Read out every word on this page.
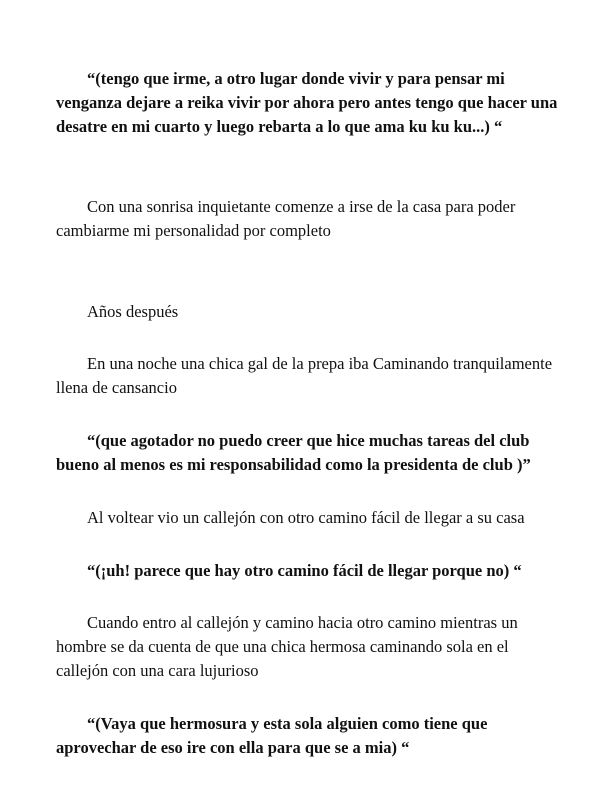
“(tengo que irme, a otro lugar donde vivir y para pensar mi
venganza dejare a reika vivir por ahora pero antes tengo que hacer una
desatre en mi cuarto y luego rebarta a lo que ama ku ku ku...) “

Con una sonrisa inquietante comenze a irse de la casa para poder
cambiarme mi personalidad por completo

Años después

En una noche una chica gal de la prepa iba Caminando tranquilamente
llena de cansancio

“(que agotador no puedo creer que hice muchas tareas del club
bueno al menos es mi responsabilidad como la presidenta de club )”

Al voltear vio un callejón con otro camino fácil de llegar a su casa

“(¡uh! parece que hay otro camino fácil de llegar porque no) “

Cuando entro al callejón y camino hacia otro camino mientras un
hombre se da cuenta de que una chica hermosa caminando sola en el
callejón con una cara lujurioso

“(Vaya que hermosura y esta sola alguien como tiene que
aprovechar de eso ire con ella para que se a mia) “
